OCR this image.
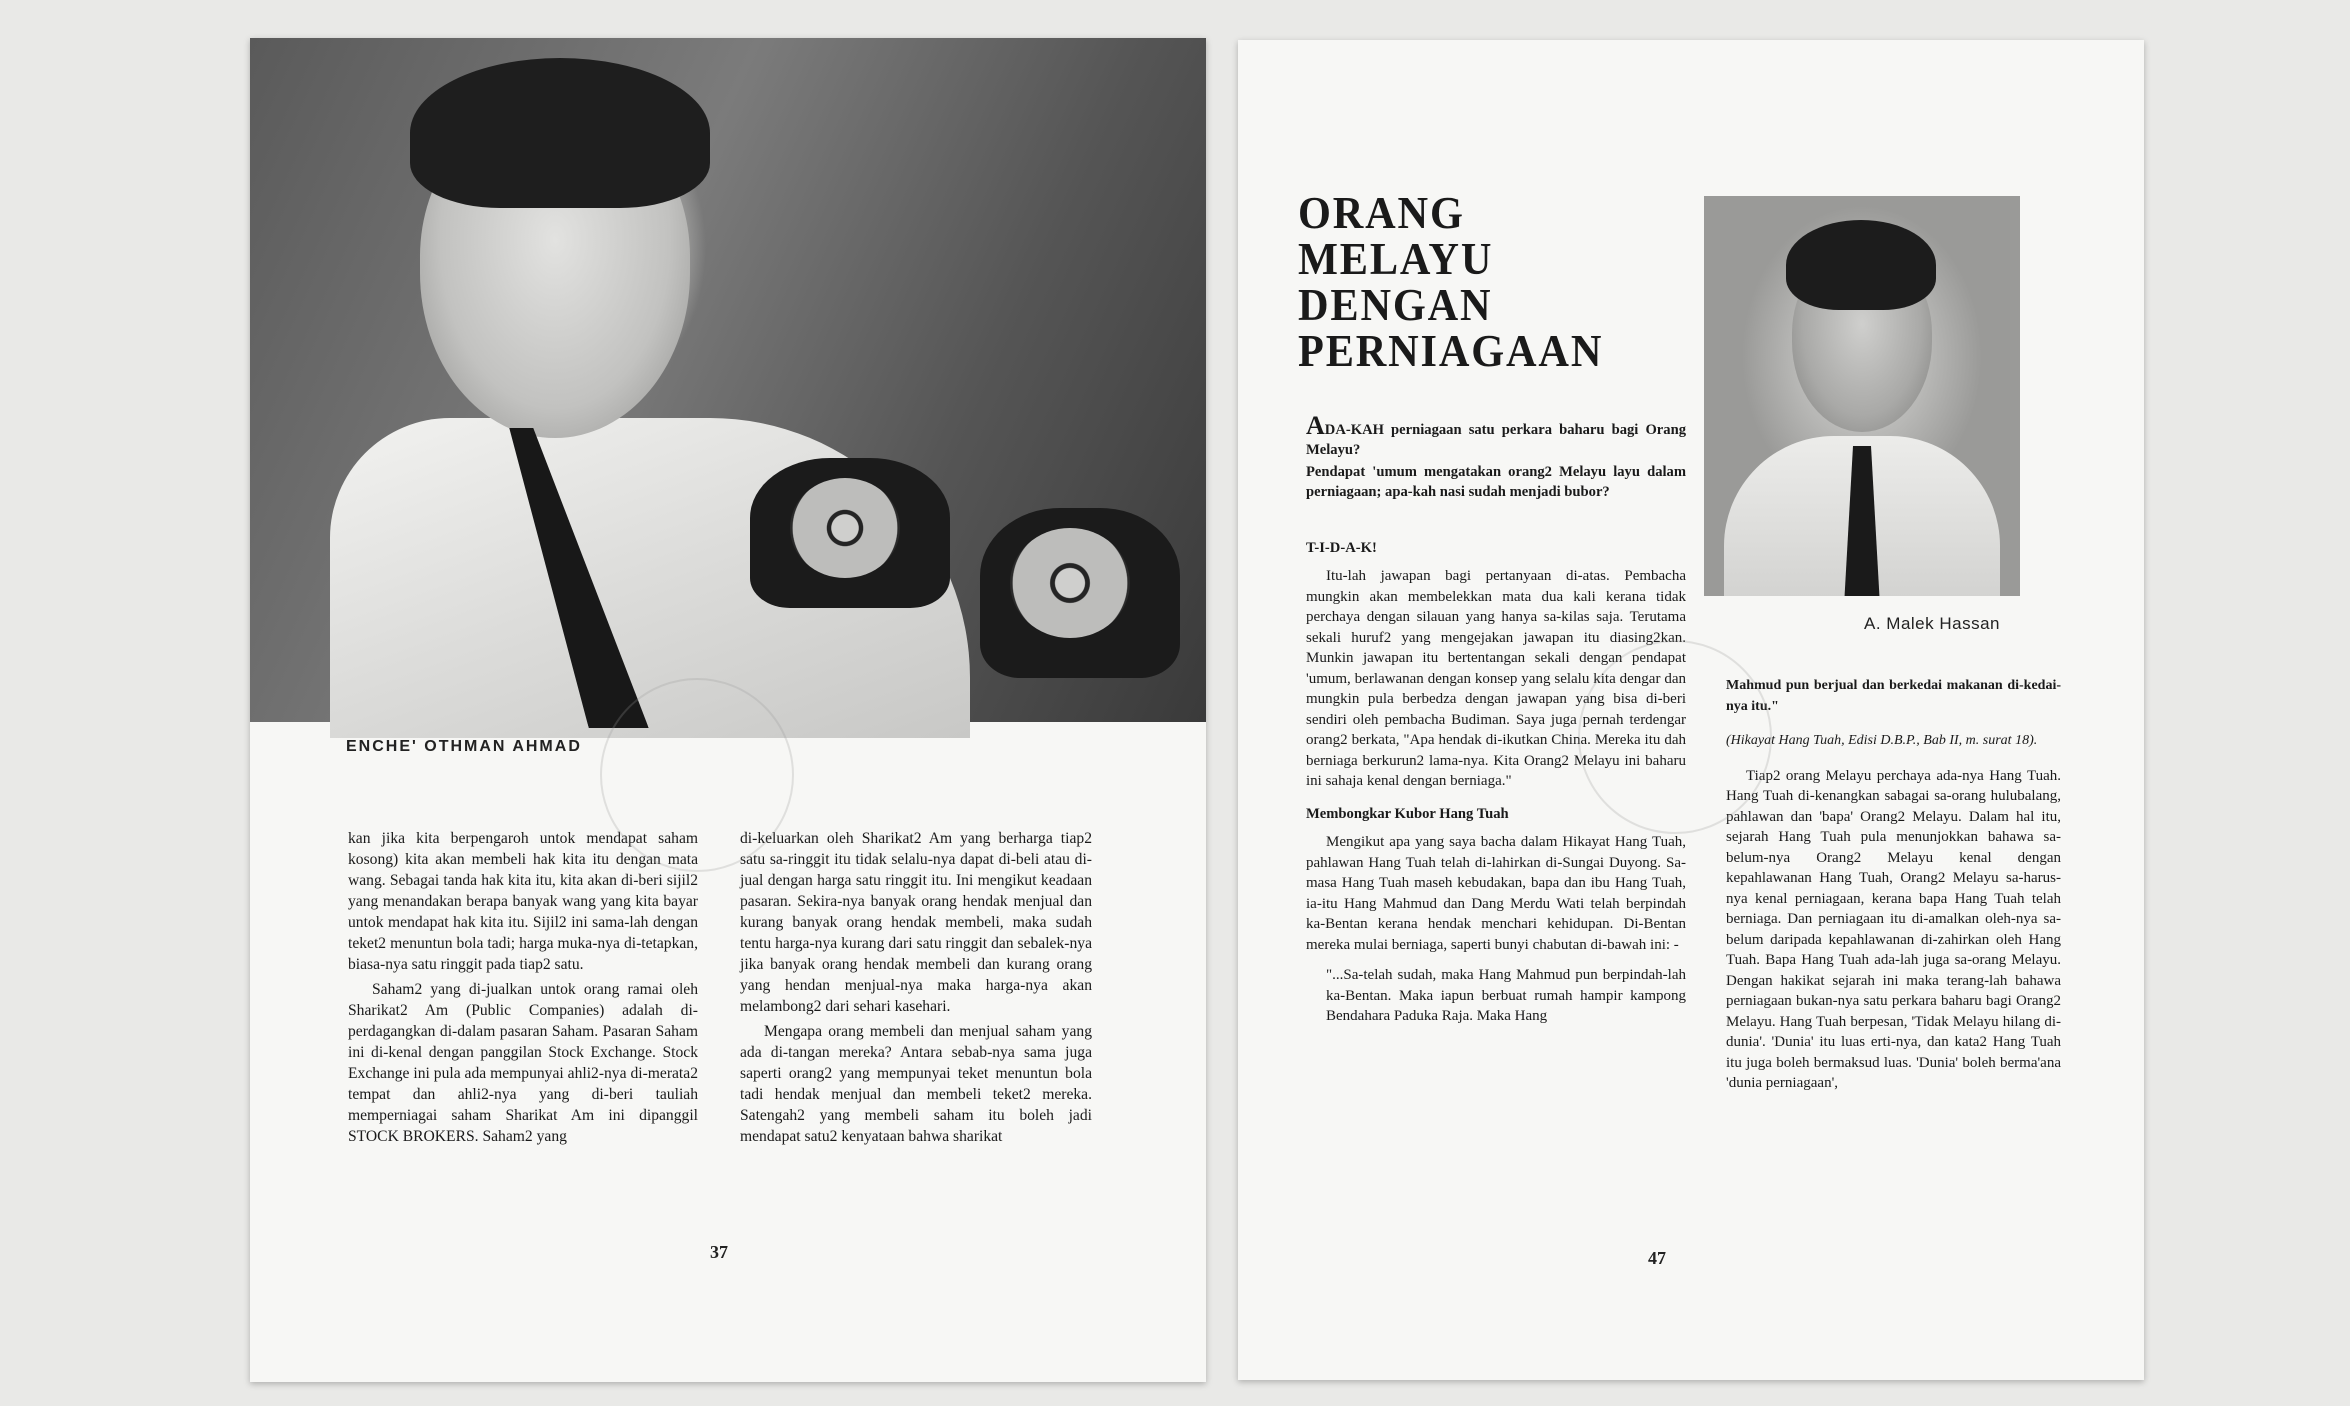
ENCHE' OTHMAN AHMAD

kan jika kita berpengaroh untok mendapat saham kosong) kita akan membeli hak kita itu dengan mata wang. Sebagai tanda hak kita itu, kita akan di-beri sijil2 yang menandakan berapa banyak wang yang kita bayar untok mendapat hak kita itu. Sijil2 ini sama-lah dengan teket2 menuntun bola tadi; harga muka-nya di-tetapkan, biasa-nya satu ringgit pada tiap2 satu.

Saham2 yang di-jualkan untok orang ramai oleh Sharikat2 Am (Public Companies) adalah di-perdagangkan di-dalam pasaran Saham. Pasaran Saham ini di-kenal dengan panggilan Stock Exchange. Stock Exchange ini pula ada mempunyai ahli2-nya di-merata2 tempat dan ahli2-nya yang di-beri tauliah memperniagai saham Sharikat Am ini dipanggil STOCK BROKERS. Saham2 yang

di-keluarkan oleh Sharikat2 Am yang berharga tiap2 satu sa-ringgit itu tidak selalu-nya dapat di-beli atau di-jual dengan harga satu ringgit itu. Ini mengikut keadaan pasaran. Sekira-nya banyak orang hendak menjual dan kurang banyak orang hendak membeli, maka sudah tentu harga-nya kurang dari satu ringgit dan sebalek-nya jika banyak orang hendak membeli dan kurang orang yang hendan menjual-nya maka harga-nya akan melambong2 dari sehari kasehari.

Mengapa orang membeli dan menjual saham yang ada di-tangan mereka? Antara sebab-nya sama juga saperti orang2 yang mempunyai teket menuntun bola tadi hendak menjual dan membeli teket2 mereka. Satengah2 yang membeli saham itu boleh jadi mendapat satu2 kenyataan bahwa sharikat

37
ORANG
MELAYU
DENGAN
PERNIAGAAN
A. Malek Hassan
ADA-KAH perniagaan satu perkara baharu bagi Orang Melayu?
Pendapat 'umum mengatakan orang2 Melayu layu dalam perniagaan; apa-kah nasi sudah menjadi bubor?
T-I-D-A-K!

Itu-lah jawapan bagi pertanyaan di-atas. Pembacha mungkin akan membelekkan mata dua kali kerana tidak perchaya dengan silauan yang hanya sa-kilas saja. Terutama sekali huruf2 yang mengejakan jawapan itu diasing2kan. Munkin jawapan itu bertentangan sekali dengan pendapat 'umum, berlawanan dengan konsep yang selalu kita dengar dan mungkin pula berbedza dengan jawapan yang bisa di-beri sendiri oleh pembacha Budiman. Saya juga pernah terdengar orang2 berkata, "Apa hendak di-ikutkan China. Mereka itu dah berniaga berkurun2 lama-nya. Kita Orang2 Melayu ini baharu ini sahaja kenal dengan berniaga."

Membongkar Kubor Hang Tuah

Mengikut apa yang saya bacha dalam Hikayat Hang Tuah, pahlawan Hang Tuah telah di-lahirkan di-Sungai Duyong. Sa-masa Hang Tuah maseh kebudakan, bapa dan ibu Hang Tuah, ia-itu Hang Mahmud dan Dang Merdu Wati telah berpindah ka-Bentan kerana hendak menchari kehidupan. Di-Bentan mereka mulai berniaga, saperti bunyi chabutan di-bawah ini: -

"...Sa-telah sudah, maka Hang Mahmud pun berpindah-lah ka-Bentan. Maka iapun berbuat rumah hampir kampong Bendahara Paduka Raja. Maka Hang

Mahmud pun berjual dan berkedai makanan di-kedai-nya itu."

(Hikayat Hang Tuah, Edisi D.B.P., Bab II, m. surat 18).

Tiap2 orang Melayu perchaya ada-nya Hang Tuah. Hang Tuah di-kenangkan sabagai sa-orang hulubalang, pahlawan dan 'bapa' Orang2 Melayu. Dalam hal itu, sejarah Hang Tuah pula menunjokkan bahawa sa-belum-nya Orang2 Melayu kenal dengan kepahlawanan Hang Tuah, Orang2 Melayu sa-harus-nya kenal perniagaan, kerana bapa Hang Tuah telah berniaga. Dan perniagaan itu di-amalkan oleh-nya sa-belum daripada kepahlawanan di-zahirkan oleh Hang Tuah. Bapa Hang Tuah ada-lah juga sa-orang Melayu. Dengan hakikat sejarah ini maka terang-lah bahawa perniagaan bukan-nya satu perkara baharu bagi Orang2 Melayu. Hang Tuah berpesan, 'Tidak Melayu hilang di-dunia'. 'Dunia' itu luas erti-nya, dan kata2 Hang Tuah itu juga boleh bermaksud luas. 'Dunia' boleh berma'ana 'dunia perniagaan',

47
